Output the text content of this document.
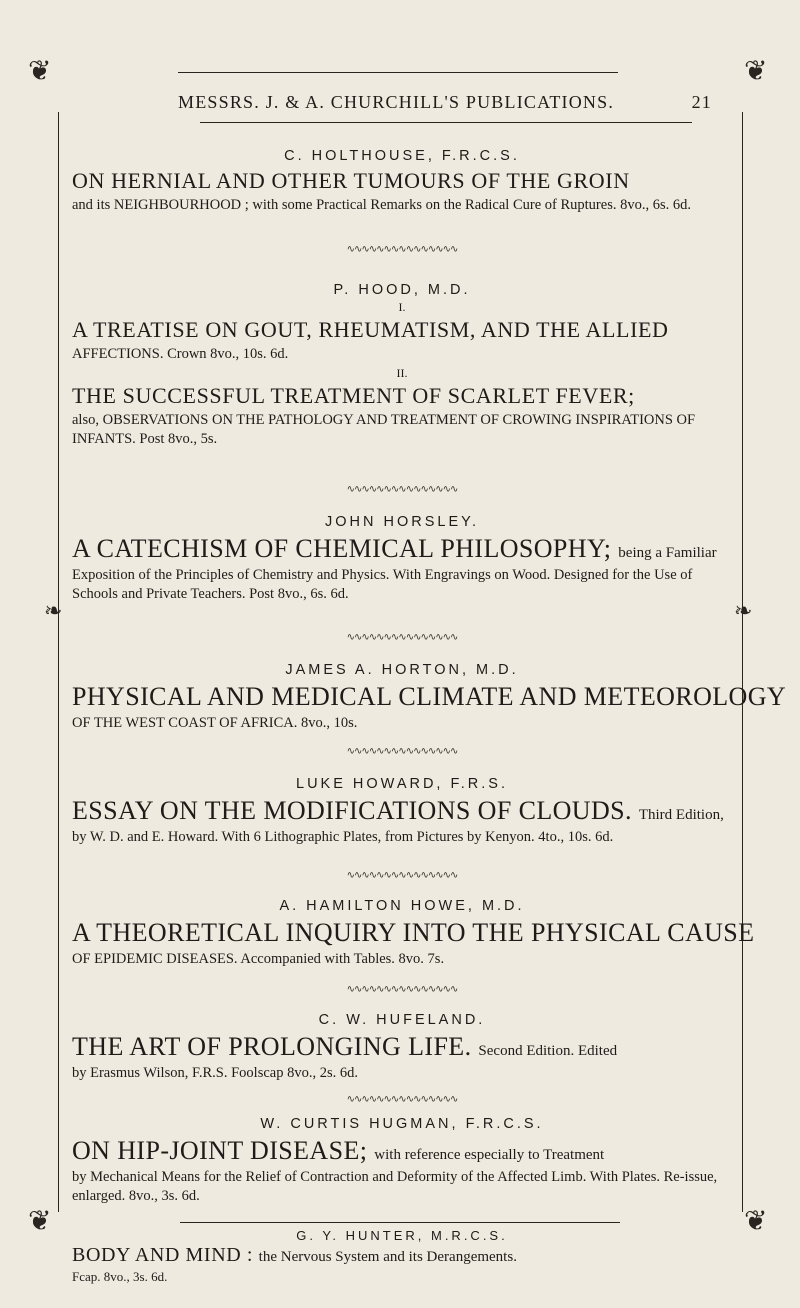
❦	❦
❦	❦
❧	❧
MESSRS. J. & A. CHURCHILL'S PUBLICATIONS.	21

C. HOLTHOUSE, F.R.C.S.

ON HERNIAL AND OTHER TUMOURS OF THE GROIN

and its NEIGHBOURHOOD ; with some Practical Remarks on the Radical Cure of Ruptures. 8vo., 6s. 6d.

∿∿∿∿∿∿∿∿∿∿∿∿∿∿∿

P. HOOD, M.D.

I.

A TREATISE ON GOUT, RHEUMATISM, AND THE ALLIED

AFFECTIONS. Crown 8vo., 10s. 6d.

II.

THE SUCCESSFUL TREATMENT OF SCARLET FEVER;

also, OBSERVATIONS ON THE PATHOLOGY AND TREATMENT OF CROWING INSPIRATIONS OF INFANTS. Post 8vo., 5s.

∿∿∿∿∿∿∿∿∿∿∿∿∿∿∿

JOHN HORSLEY.

A CATECHISM OF CHEMICAL PHILOSOPHY; being a Familiar

Exposition of the Principles of Chemistry and Physics. With Engravings on Wood. Designed for the Use of Schools and Private Teachers. Post 8vo., 6s. 6d.

∿∿∿∿∿∿∿∿∿∿∿∿∿∿∿

JAMES A. HORTON, M.D.

PHYSICAL AND MEDICAL CLIMATE AND METEOROLOGY

OF THE WEST COAST OF AFRICA. 8vo., 10s.

∿∿∿∿∿∿∿∿∿∿∿∿∿∿∿

LUKE HOWARD, F.R.S.

ESSAY ON THE MODIFICATIONS OF CLOUDS. Third Edition,

by W. D. and E. Howard. With 6 Lithographic Plates, from Pictures by Kenyon. 4to., 10s. 6d.

∿∿∿∿∿∿∿∿∿∿∿∿∿∿∿

A. HAMILTON HOWE, M.D.

A THEORETICAL INQUIRY INTO THE PHYSICAL CAUSE

OF EPIDEMIC DISEASES. Accompanied with Tables. 8vo. 7s.

∿∿∿∿∿∿∿∿∿∿∿∿∿∿∿

C. W. HUFELAND.

THE ART OF PROLONGING LIFE. Second Edition. Edited

by Erasmus Wilson, F.R.S. Foolscap 8vo., 2s. 6d.

∿∿∿∿∿∿∿∿∿∿∿∿∿∿∿

W. CURTIS HUGMAN, F.R.C.S.

ON HIP-JOINT DISEASE; with reference especially to Treatment

by Mechanical Means for the Relief of Contraction and Deformity of the Affected Limb. With Plates. Re-issue, enlarged. 8vo., 3s. 6d.

G. Y. HUNTER, M.R.C.S.

BODY AND MIND : the Nervous System and its Derangements.

Fcap. 8vo., 3s. 6d.
